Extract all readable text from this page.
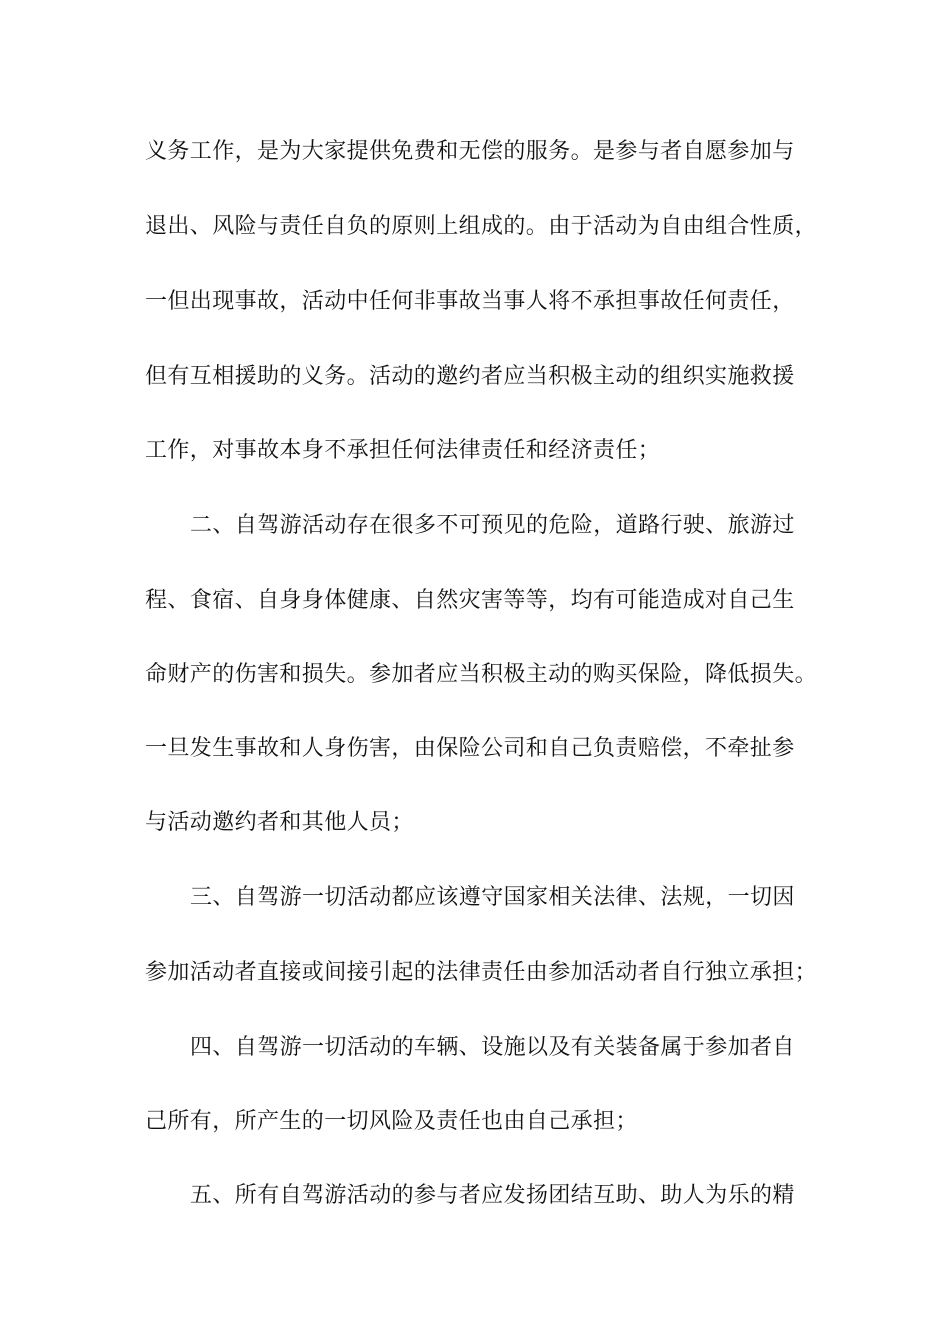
义务工作，是为大家提供免费和无偿的服务。是参与者自愿参加与
退出、风险与责任自负的原则上组成的。由于活动为自由组合性质，
一但出现事故，活动中任何非事故当事人将不承担事故任何责任，
但有互相援助的义务。活动的邀约者应当积极主动的组织实施救援
工作，对事故本身不承担任何法律责任和经济责任；
二、自驾游活动存在很多不可预见的危险，道路行驶、旅游过
程、食宿、自身身体健康、自然灾害等等，均有可能造成对自己生
命财产的伤害和损失。参加者应当积极主动的购买保险，降低损失。
一旦发生事故和人身伤害，由保险公司和自己负责赔偿，不牵扯参
与活动邀约者和其他人员；
三、自驾游一切活动都应该遵守国家相关法律、法规，一切因
参加活动者直接或间接引起的法律责任由参加活动者自行独立承担；
四、自驾游一切活动的车辆、设施以及有关装备属于参加者自
己所有，所产生的一切风险及责任也由自己承担；
五、所有自驾游活动的参与者应发扬团结互助、助人为乐的精
